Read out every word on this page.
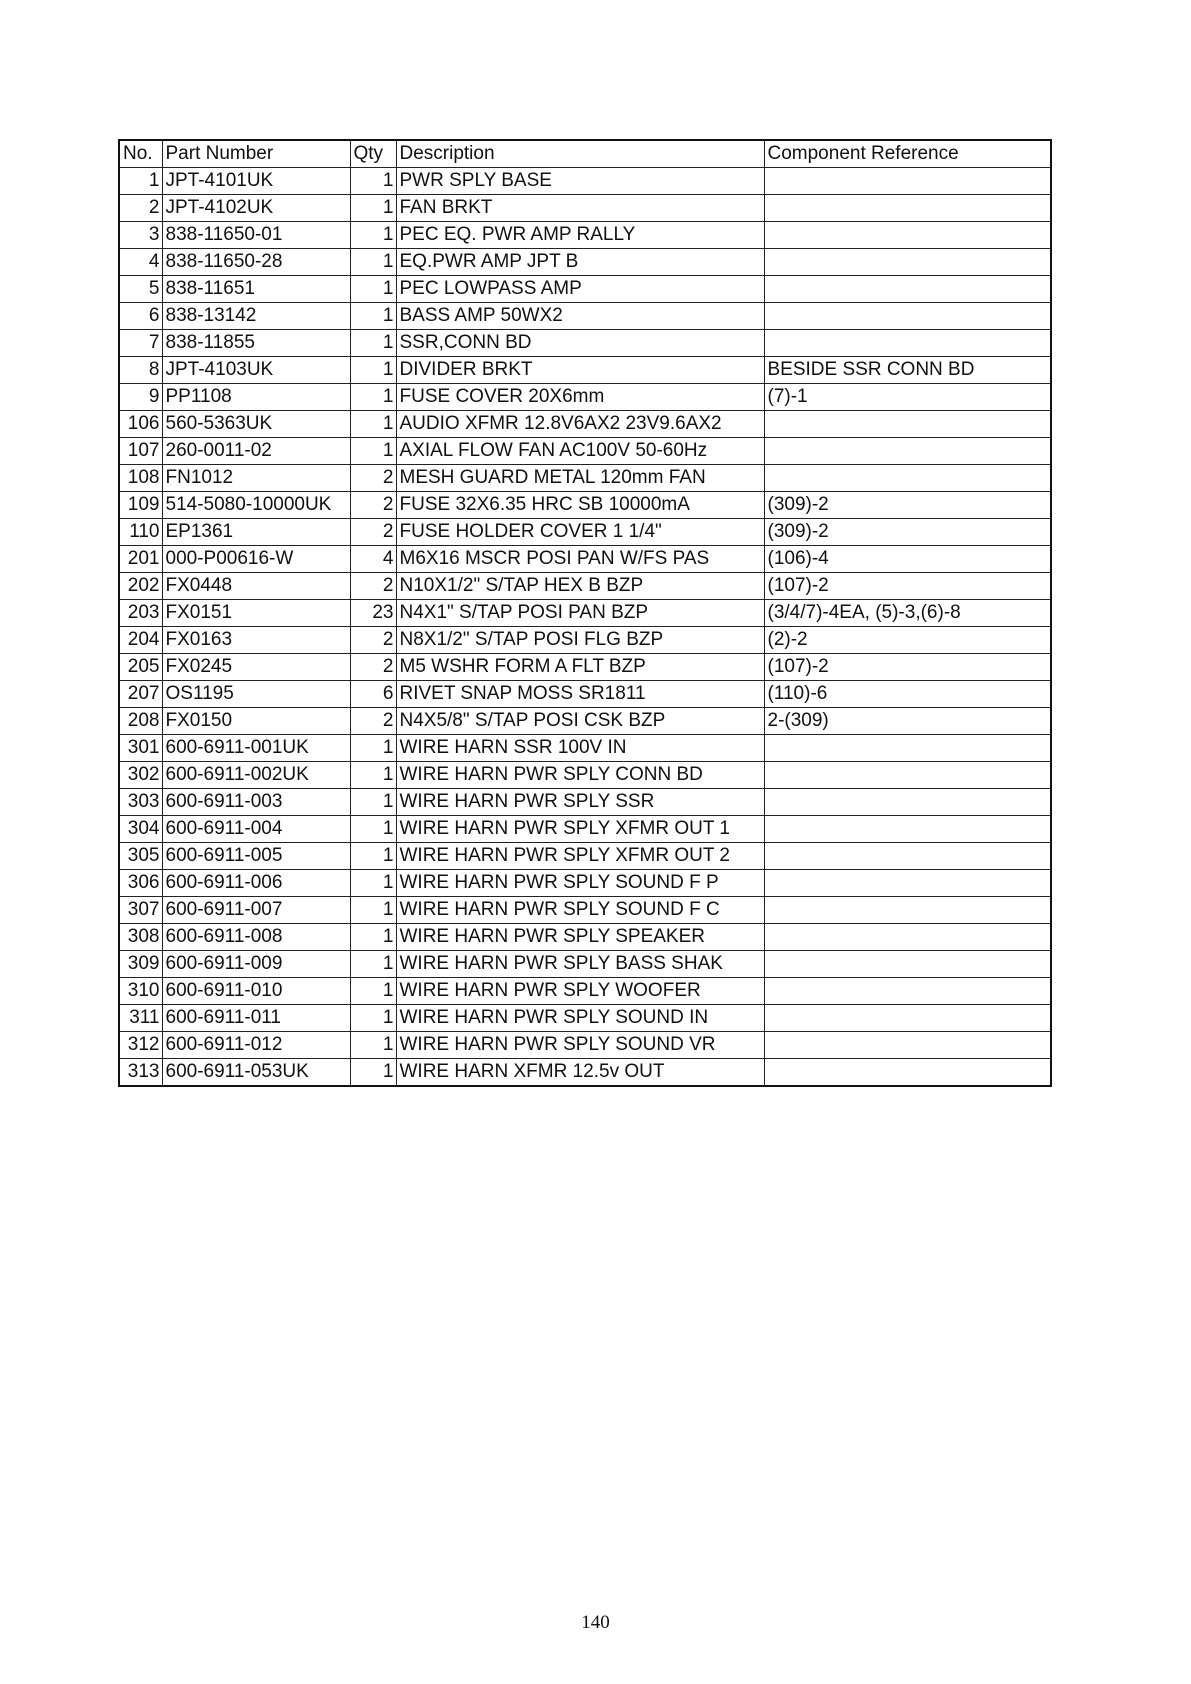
No.	Part Number	Qty	Description	Component Reference
1	JPT-4101UK	1	PWR SPLY BASE	
2	JPT-4102UK	1	FAN BRKT	
3	838-11650-01	1	PEC EQ. PWR AMP RALLY	
4	838-11650-28	1	EQ.PWR AMP JPT B	
5	838-11651	1	PEC LOWPASS AMP	
6	838-13142	1	BASS AMP 50WX2	
7	838-11855	1	SSR,CONN BD	
8	JPT-4103UK	1	DIVIDER BRKT	BESIDE SSR CONN BD
9	PP1108	1	FUSE COVER 20X6mm	(7)-1
106	560-5363UK	1	AUDIO XFMR 12.8V6AX2 23V9.6AX2	
107	260-0011-02	1	AXIAL FLOW FAN AC100V 50-60Hz	
108	FN1012	2	MESH GUARD METAL 120mm FAN	
109	514-5080-10000UK	2	FUSE 32X6.35 HRC SB 10000mA	(309)-2
110	EP1361	2	FUSE HOLDER COVER 1 1/4"	(309)-2
201	000-P00616-W	4	M6X16 MSCR POSI PAN W/FS PAS	(106)-4
202	FX0448	2	N10X1/2" S/TAP HEX B BZP	(107)-2
203	FX0151	23	N4X1" S/TAP POSI PAN BZP	(3/4/7)-4EA, (5)-3,(6)-8
204	FX0163	2	N8X1/2" S/TAP POSI FLG BZP	(2)-2
205	FX0245	2	M5 WSHR FORM A FLT BZP	(107)-2
207	OS1195	6	RIVET SNAP MOSS SR1811	(110)-6
208	FX0150	2	N4X5/8" S/TAP POSI CSK BZP	2-(309)
301	600-6911-001UK	1	WIRE HARN SSR 100V IN	
302	600-6911-002UK	1	WIRE HARN PWR SPLY CONN BD	
303	600-6911-003	1	WIRE HARN PWR SPLY SSR	
304	600-6911-004	1	WIRE HARN PWR SPLY XFMR OUT 1	
305	600-6911-005	1	WIRE HARN PWR SPLY XFMR OUT 2	
306	600-6911-006	1	WIRE HARN PWR SPLY SOUND F P	
307	600-6911-007	1	WIRE HARN PWR SPLY SOUND F C	
308	600-6911-008	1	WIRE HARN PWR SPLY SPEAKER	
309	600-6911-009	1	WIRE HARN PWR SPLY BASS SHAK	
310	600-6911-010	1	WIRE HARN PWR SPLY WOOFER	
311	600-6911-011	1	WIRE HARN PWR SPLY SOUND IN	
312	600-6911-012	1	WIRE HARN PWR SPLY SOUND VR	
313	600-6911-053UK	1	WIRE HARN XFMR 12.5v OUT	
140
